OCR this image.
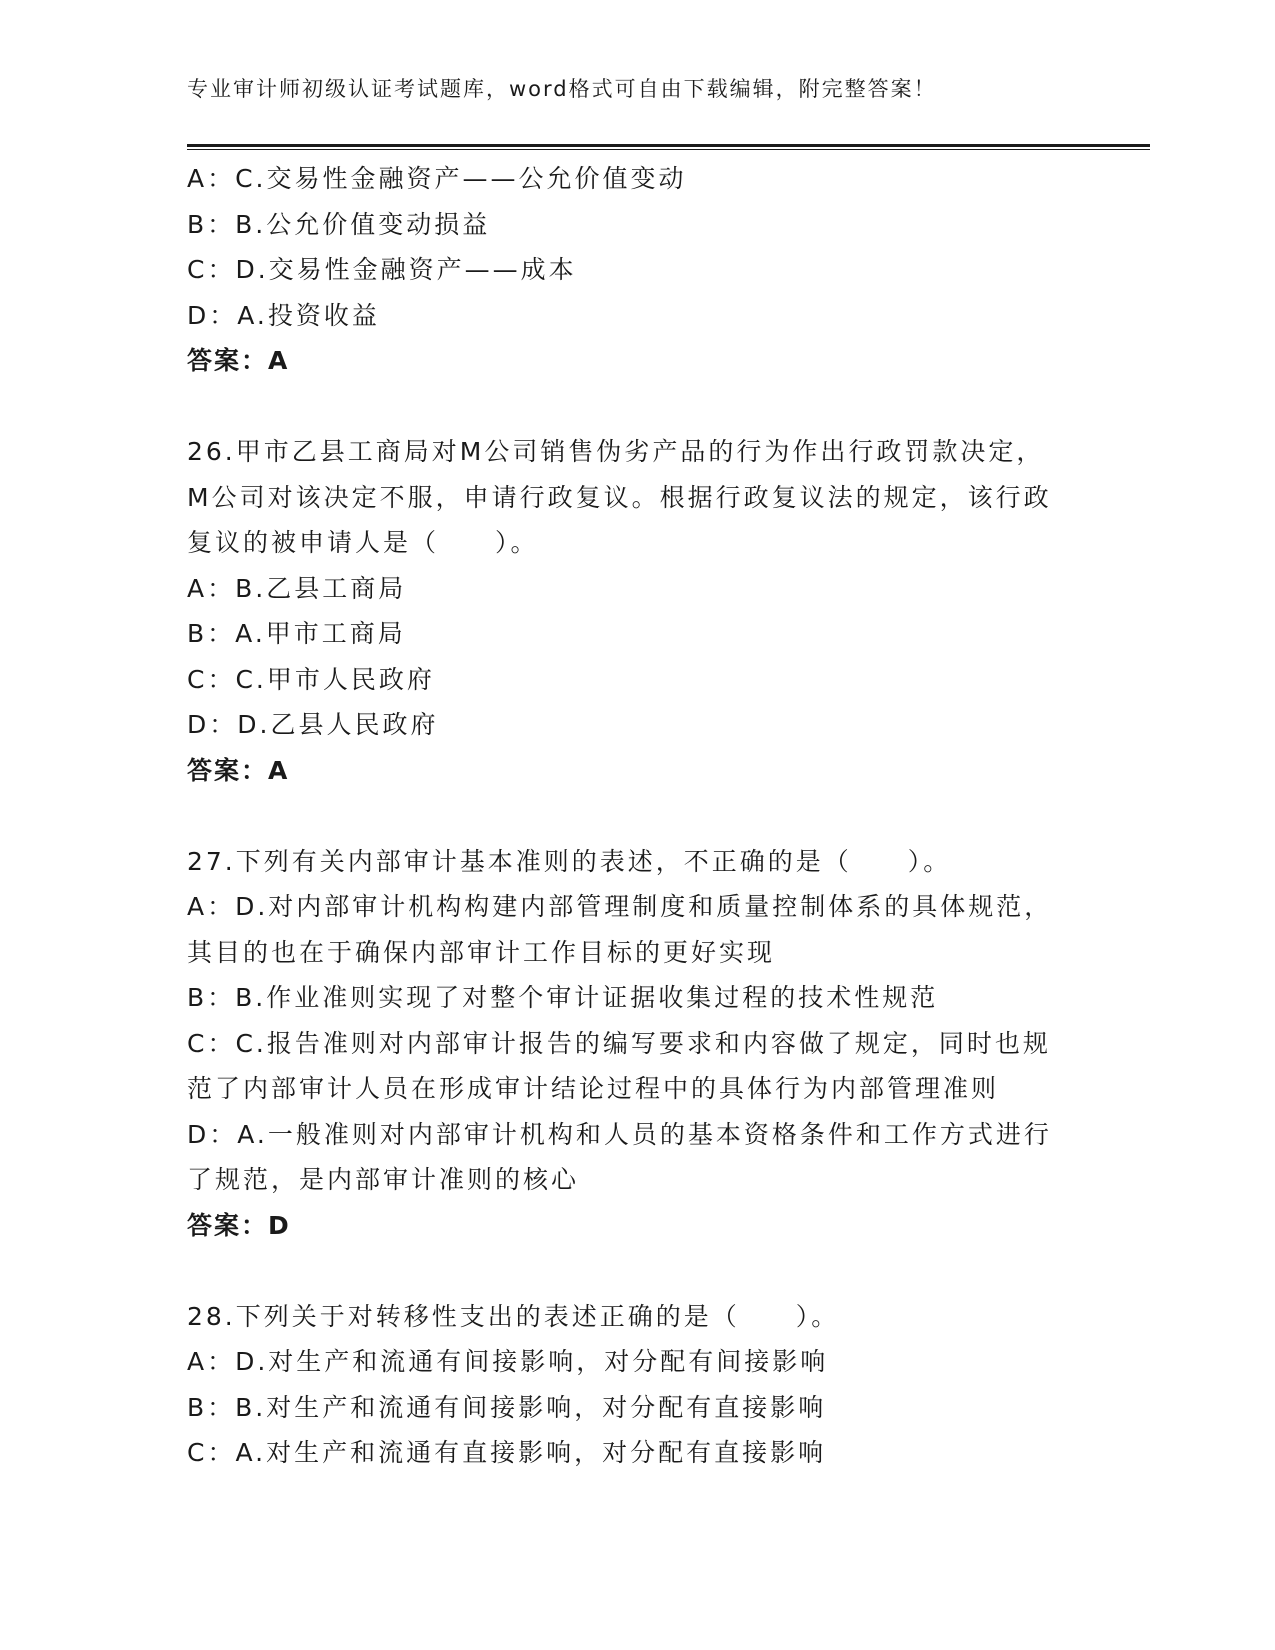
专业审计师初级认证考试题库，word格式可自由下载编辑，附完整答案！
A：C.交易性金融资产——公允价值变动
B：B.公允价值变动损益
C：D.交易性金融资产——成本
D：A.投资收益
答案：A
26.甲市乙县工商局对M公司销售伪劣产品的行为作出行政罚款决定，
M公司对该决定不服，申请行政复议。根据行政复议法的规定，该行政
复议的被申请人是（　　）。
A：B.乙县工商局
B：A.甲市工商局
C：C.甲市人民政府
D：D.乙县人民政府
答案：A
27.下列有关内部审计基本准则的表述，不正确的是（　　）。
A：D.对内部审计机构构建内部管理制度和质量控制体系的具体规范，
其目的也在于确保内部审计工作目标的更好实现
B：B.作业准则实现了对整个审计证据收集过程的技术性规范
C：C.报告准则对内部审计报告的编写要求和内容做了规定，同时也规
范了内部审计人员在形成审计结论过程中的具体行为内部管理准则
D：A.一般准则对内部审计机构和人员的基本资格条件和工作方式进行
了规范，是内部审计准则的核心
答案：D
28.下列关于对转移性支出的表述正确的是（　　）。
A：D.对生产和流通有间接影响，对分配有间接影响
B：B.对生产和流通有间接影响，对分配有直接影响
C：A.对生产和流通有直接影响，对分配有直接影响
